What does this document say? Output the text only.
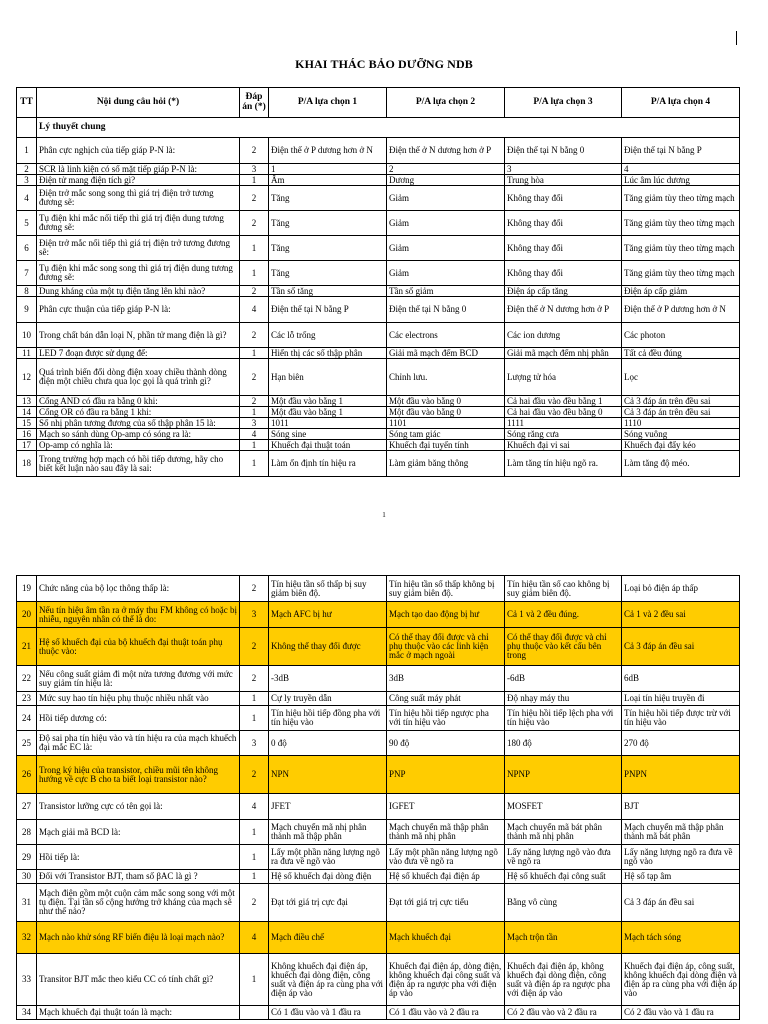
KHAI THÁC BẢO DƯỠNG NDB
TT	Nội dung câu hỏi (*)	Đáp án (*)	P/A lựa chọn 1	P/A lựa chọn 2	P/A lựa chọn 3	P/A lựa chọn 4
	Lý thuyết chung					
1	Phân cực nghịch của tiếp giáp P-N là:	2	Điện thế ở P dương hơn ở N	Điện thế ở N dương hơn ở P	Điện thế tại N bằng 0	Điện thế tại N bằng P
2	SCR là linh kiện có số mặt tiếp giáp P-N là:	3	1	2	3	4
3	Điện tử mang điện tích gì?	1	Âm	Dương	Trung hòa	Lúc âm lúc dương
4	Điện trở mắc song song thì giá trị điện trở tương đương sẽ:	2	Tăng	Giảm	Không thay đổi	Tăng giảm tùy theo từng mạch
5	Tụ điện khi mắc nối tiếp thì giá trị điện dung tương đương sẽ:	2	Tăng	Giảm	Không thay đổi	Tăng giảm tùy theo từng mạch
6	Điện trở mắc nối tiếp thì giá trị điện trở tương đương sẽ:	1	Tăng	Giảm	Không thay đổi	Tăng giảm tùy theo từng mạch
7	Tụ điện khi mắc song song thì giá trị điện dung tương đương sẽ:	1	Tăng	Giảm	Không thay đổi	Tăng giảm tùy theo từng mạch
8	Dung kháng của một tụ điện tăng lên khi nào?	2	Tần số tăng	Tần số giảm	Điện áp cấp tăng	Điện áp cấp giảm
9	Phân cực thuận của tiếp giáp P-N là:	4	Điện thế tại N bằng P	Điện thế tại N bằng 0	Điện thế ở N dương hơn ở P	Điện thế ở P dương hơn ở N
10	Trong chất bán dẫn loại N, phần tử mang điện là gì?	2	Các lỗ trống	Các electrons	Các ion dương	Các photon
11	LED 7 đoạn được sử dụng để:	1	Hiển thị các số thập phân	Giải mã mạch đếm BCD	Giải mã mạch đếm nhị phân	Tất cả đều đúng
12	Quá trình biến đổi dòng điện xoay chiều thành dòng điện một chiều chưa qua lọc gọi là quá trình gì?	2	Hạn biên	Chỉnh lưu.	Lượng tử hóa	Lọc
13	Cổng AND có đầu ra bằng 0 khi:	2	Một đầu vào bằng 1	Một đầu vào bằng 0	Cả hai đầu vào đều bằng 1	Cả 3 đáp án trên đều sai
14	Cổng OR có đầu ra bằng 1 khi:	1	Một đầu vào bằng 1	Một đầu vào bằng 0	Cả hai đầu vào đều bằng 0	Cả 3 đáp án trên đều sai
15	Số nhị phân tương đương của số thập phân 15 là:	3	1011	1101	1111	1110
16	Mạch so sánh dùng Op-amp có sóng ra là:	4	Sóng sine	Sóng tam giác	Sóng răng cưa	Sóng vuông
17	Op-amp có nghĩa là:	1	Khuếch đại thuật toán	Khuếch đại tuyến tính	Khuếch đại vi sai	Khuếch đại đẩy kéo
18	Trong trường hợp mạch có hồi tiếp dương, hãy cho biết kết luận nào sau đây là sai:	1	Làm ổn định tín hiệu ra	Làm giảm băng thông	Làm tăng tín hiệu ngõ ra.	Làm tăng độ méo.
1
19	Chức năng của bộ lọc thông thấp là:	2	Tín hiệu tần số thấp bị suy giảm biên độ.	Tín hiệu tần số thấp không bị suy giảm biên độ.	Tín hiệu tần số cao không bị suy giảm biên độ.	Loại bỏ điện áp thấp
20	Nếu tín hiệu âm tần ra ở máy thu FM không có hoặc bị nhiễu, nguyên nhân có thể là do:	3	Mạch AFC bị hư	Mạch tạo dao động bị hư	Cả 1 và 2 đều đúng.	Cả 1 và 2 đều sai
21	Hệ số khuếch đại của bộ khuếch đại thuật toán phụ thuộc vào:	2	Không thể thay đổi được	Có thể thay đổi được và chỉ phụ thuộc vào các linh kiện mắc ở mạch ngoài	Có thể thay đổi được và chỉ phụ thuộc vào kết cấu bên trong	Cả 3 đáp án đều sai
22	Nếu công suất giảm đi một nửa tương đương với mức suy giảm tín hiệu là:	2	-3dB	3dB	-6dB	6dB
23	Mức suy hao tín hiệu phụ thuộc nhiều nhất vào	1	Cự ly truyền dẫn	Công suất máy phát	Độ nhạy máy thu	Loại tín hiệu truyền đi
24	Hồi tiếp dương có:	1	Tín hiệu hồi tiếp đồng pha với tín hiệu vào	Tín hiệu hồi tiếp ngược pha với tín hiệu vào	Tín hiệu hồi tiếp lệch pha với tín hiệu vào	Tín hiệu hồi tiếp được trừ với tín hiệu vào
25	Độ sai pha tín hiệu vào và tín hiệu ra của mạch khuếch đại mắc EC là:	3	0 độ	90 độ	180 độ	270 độ
26	Trong ký hiệu của transistor, chiều mũi tên không hướng về cực B cho ta biết loại transistor nào?	2	NPN	PNP	NPNP	PNPN
27	Transistor lưỡng cực có tên gọi là:	4	JFET	IGFET	MOSFET	BJT
28	Mạch giải mã BCD là:	1	Mạch chuyển mã nhị phân thành mã thập phân	Mạch chuyển mã thập phân thành mã nhị phân	Mạch chuyển mã bát phân thành mã nhị phân	Mạch chuyển mã thập phân thành mã bát phân
29	Hồi tiếp là:	1	Lấy một phần năng lượng ngõ ra đưa về ngõ vào	Lấy một phần năng lượng ngõ vào đưa về ngõ ra	Lấy năng lượng ngõ vào đưa về ngõ ra	Lấy năng lượng ngõ ra đưa về ngõ vào
30	Đối với Transistor BJT, tham số βAC là gì ?	1	Hệ số khuếch đại dòng điện	Hệ số khuếch đại điện áp	Hệ số khuếch đại công suất	Hệ số tạp âm
31	Mạch điện gồm một cuộn cảm mắc song song với một tụ điện. Tại tần số cộng hưởng trở kháng của mạch sẽ như thế nào?	2	Đạt tới giá trị cực đại	Đạt tới giá trị cực tiểu	Bằng vô cùng	Cả 3 đáp án đều sai
32	Mạch nào khử sóng RF biến điệu là loại mạch nào?	4	Mạch điều chế	Mạch khuếch đại	Mạch trộn tần	Mạch tách sóng
33	Transitor BJT mắc theo kiểu CC có tính chất gì?	1	Không khuếch đại điện áp, khuếch đại dòng điện, công suất và điện áp ra cùng pha với điện áp vào	Khuếch đại điện áp, dòng điện, không khuếch đại công suất và điện áp ra ngược pha với điện áp vào	Khuếch đại điện áp, không khuếch đại dòng điện, công suất và điện áp ra ngược pha với điện áp vào	Khuếch đại điện áp, công suất, không khuếch đại dòng điện và điện áp ra cùng pha với điện áp vào
34	Mạch khuếch đại thuật toán là mạch:		Có 1 đầu vào và 1 đầu ra	Có 1 đầu vào và 2 đầu ra	Có 2 đầu vào và 2 đầu ra	Có 2 đầu vào và 1 đầu ra
